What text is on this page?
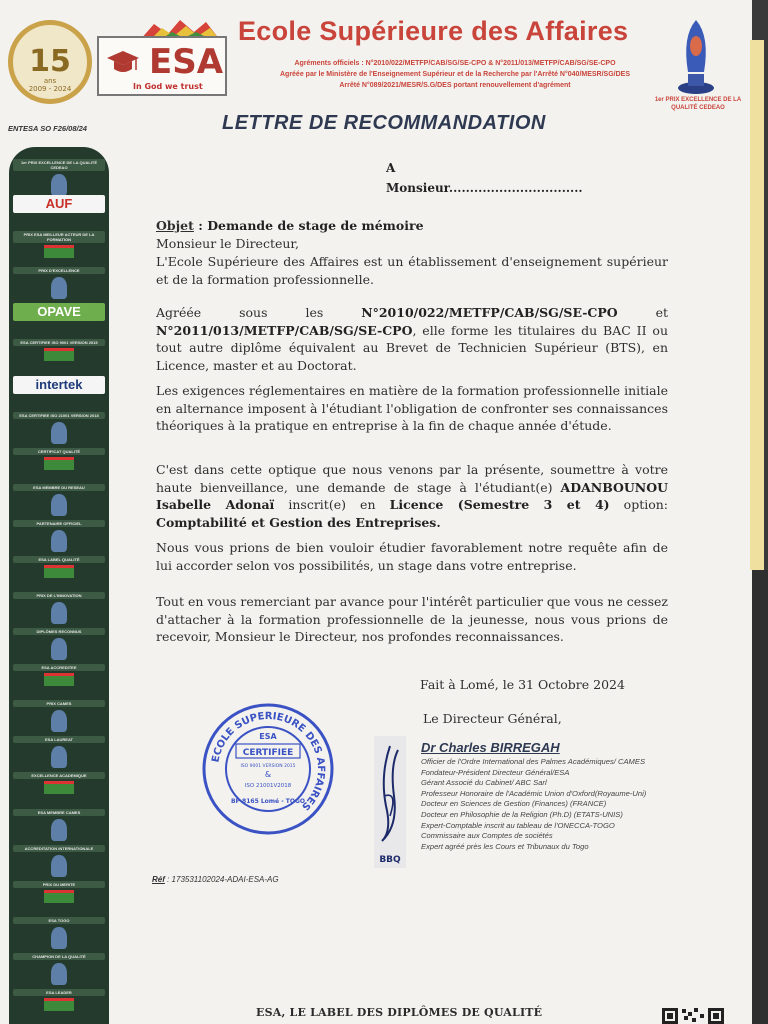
15
ans
2009 - 2024
ESA
In God we trust
Ecole Supérieure des Affaires
Agréments officiels : N°2010/022/METFP/CAB/SG/SE-CPO & N°2011/013/METFP/CAB/SG/SE-CPO
Agréée par le Ministère de l'Enseignement Supérieur et de la Recherche par l'Arrêté N°040/MESR/SG/DES
Arrêté N°089/2021/MESR/S.G/DES portant renouvellement d'agrément
1er PRIX EXCELLENCE DE LA QUALITÉ CEDEAO
ENTESA SO F26/08/24	LETTRE DE RECOMMANDATION
1er PRIX EXCELLENCE DE LA QUALITÉ CEDEAO
AUF
PRIX ESA MEILLEUR ACTEUR DE LA FORMATION
PRIX D'EXCELLENCE
OPAVE
ESA CERTIFIEE ISO 9001 VERSION 2015
intertek
ESA CERTIFIEE ISO 21001 VERSION 2018
CERTIFICAT QUALITÉ
ESA MEMBRE DU RESEAU
PARTENAIRE OFFICIEL
ESA LABEL QUALITÉ
PRIX DE L'INNOVATION
DIPLÔMES RECONNUS
ESA ACCREDITEE
PRIX CAMES
ESA LAUREAT
EXCELLENCE ACADEMIQUE
ESA MEMBRE CAMES
ACCREDITATION INTERNATIONALE
PRIX DU MERITE
ESA TOGO
CHAMPION DE LA QUALITÉ
ESA LEADER
A
Monsieur................................
Objet : Demande de stage de mémoire
Monsieur le Directeur,
L'Ecole Supérieure des Affaires est un établissement d'enseignement supérieur et de la formation professionnelle.
Agréée sous les N°2010/022/METFP/CAB/SG/SE-CPO et N°2011/013/METFP/CAB/SG/SE-CPO, elle forme les titulaires du BAC II ou tout autre diplôme équivalent au Brevet de Technicien Supérieur (BTS), en Licence, master et au Doctorat.
Les exigences réglementaires en matière de la formation professionnelle initiale en alternance imposent à l'étudiant l'obligation de confronter ses connaissances théoriques à la pratique en entreprise à la fin de chaque année d'étude.
C'est dans cette optique que nous venons par la présente, soumettre à votre haute bienveillance, une demande de stage à l'étudiant(e) ADANBOUNOU Isabelle Adonaï inscrit(e) en Licence (Semestre 3 et 4) option: Comptabilité et Gestion des Entreprises.
Nous vous prions de bien vouloir étudier favorablement notre requête afin de lui accorder selon vos possibilités, un stage dans votre entreprise.
Tout en vous remerciant par avance pour l'intérêt particulier que vous ne cessez d'attacher à la formation professionnelle de la jeunesse, nous vous prions de recevoir, Monsieur le Directeur, nos profondes reconnaissances.
Fait à Lomé, le 31 Octobre 2024
Le Directeur Général,
ECOLE SUPERIEURE DES AFFAIRES
ESA
CERTIFIEE
ISO 9001 VERSION 2015
&
ISO 21001V2018
BP 8165 Lomé - TOGO
BBQ
Dr Charles BIRREGAH
Officier de l'Ordre International des Palmes Académiques/ CAMES
Fondateur-Président Directeur Général/ESA
Gérant Associé du Cabinet/ ABC Sarl
Professeur Honoraire de l'Académic Union d'Oxford(Royaume-Uni)
Docteur en Sciences de Gestion (Finances) (FRANCE)
Docteur en Philosophie de la Religion (Ph.D) (ETATS-UNIS)
Expert-Comptable inscrit au tableau de l'ONECCA-TOGO
Commissaire aux Comptes de sociétés
Expert agréé près les Cours et Tribunaux du Togo
Réf : 173531102024-ADAI-ESA-AG
ESA, LE LABEL DES DIPLÔMES DE QUALITÉ
